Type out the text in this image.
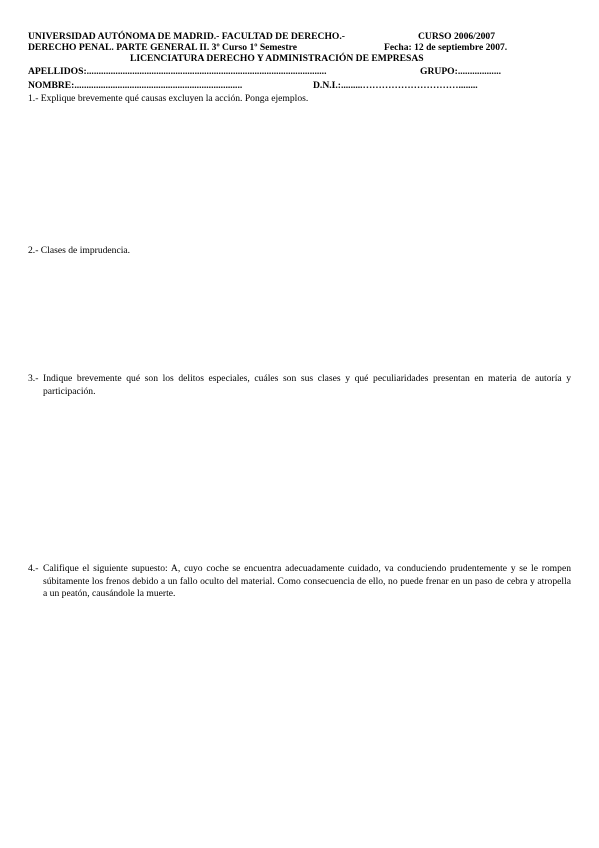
UNIVERSIDAD AUTÓNOMA DE MADRID.- FACULTAD DE DERECHO.-	CURSO 2006/2007
DERECHO PENAL. PARTE GENERAL II. 3º Curso 1º Semestre	Fecha: 12 de septiembre 2007.
LICENCIATURA DERECHO Y ADMINISTRACIÓN DE EMPRESAS
APELLIDOS:....................................................................................................	GRUPO:..................
NOMBRE:......................................................................	D.N.I.:.........…………………………........
1.- Explique brevemente qué causas excluyen la acción. Ponga ejemplos.
2.- Clases de imprudencia.
3.- Indique brevemente qué son los delitos especiales, cuáles son sus clases y qué peculiaridades presentan en materia de autoría y participación.
4.- Califique el siguiente supuesto: A, cuyo coche se encuentra adecuadamente cuidado, va conduciendo prudentemente y se le rompen súbitamente los frenos debido a un fallo oculto del material. Como consecuencia de ello, no puede frenar en un paso de cebra y atropella a un peatón, causándole la muerte.
